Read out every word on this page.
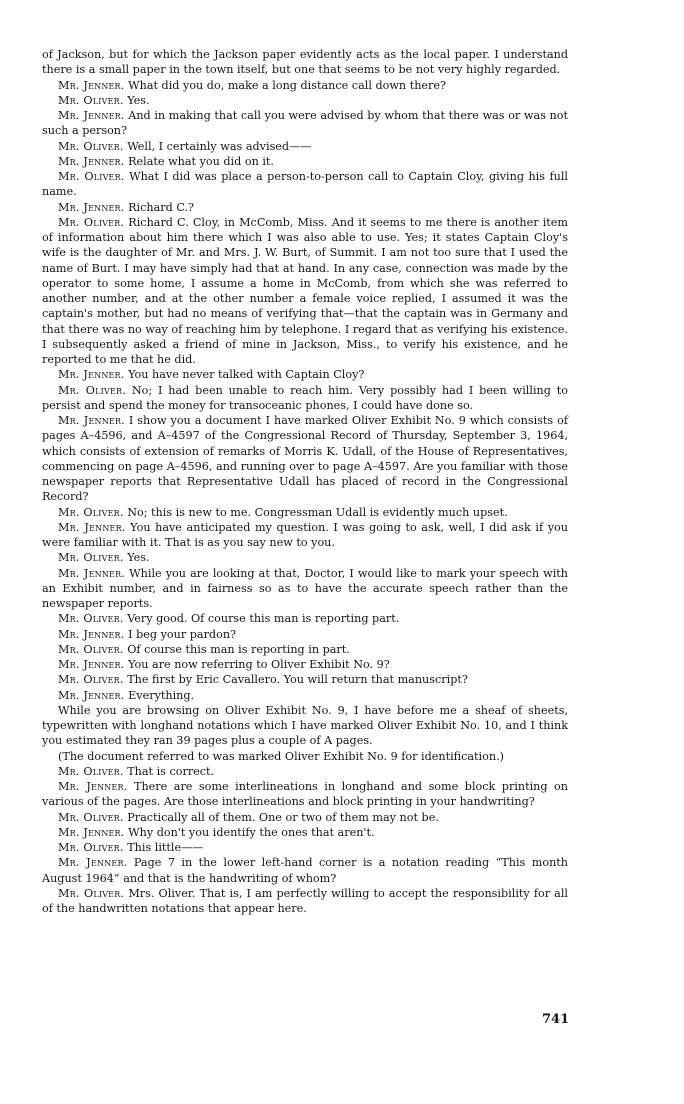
of Jackson, but for which the Jackson paper evidently acts as the local paper. I understand there is a small paper in the town itself, but one that seems to be not very highly regarded.

Mr. Jenner. What did you do, make a long distance call down there?

Mr. Oliver. Yes.

Mr. Jenner. And in making that call you were advised by whom that there was or was not such a person?

Mr. Oliver. Well, I certainly was advised——

Mr. Jenner. Relate what you did on it.

Mr. Oliver. What I did was place a person-to-person call to Captain Cloy, giving his full name.

Mr. Jenner. Richard C.?

Mr. Oliver. Richard C. Cloy, in McComb, Miss. And it seems to me there is another item of information about him there which I was also able to use. Yes; it states Captain Cloy's wife is the daughter of Mr. and Mrs. J. W. Burt, of Summit. I am not too sure that I used the name of Burt. I may have simply had that at hand. In any case, connection was made by the operator to some home, I assume a home in McComb, from which she was referred to another number, and at the other number a female voice replied, I assumed it was the captain's mother, but had no means of verifying that—that the captain was in Germany and that there was no way of reaching him by telephone. I regard that as verifying his existence. I subsequently asked a friend of mine in Jackson, Miss., to verify his existence, and he reported to me that he did.

Mr. Jenner. You have never talked with Captain Cloy?

Mr. Oliver. No; I had been unable to reach him. Very possibly had I been willing to persist and spend the money for transoceanic phones, I could have done so.

Mr. Jenner. I show you a document I have marked Oliver Exhibit No. 9 which consists of pages A–4596, and A–4597 of the Congressional Record of Thursday, September 3, 1964, which consists of extension of remarks of Morris K. Udall, of the House of Representatives, commencing on page A–4596, and running over to page A–4597. Are you familiar with those newspaper reports that Representative Udall has placed of record in the Congressional Record?

Mr. Oliver. No; this is new to me. Congressman Udall is evidently much upset.

Mr. Jenner. You have anticipated my question. I was going to ask, well, I did ask if you were familiar with it. That is as you say new to you.

Mr. Oliver. Yes.

Mr. Jenner. While you are looking at that, Doctor, I would like to mark your speech with an Exhibit number, and in fairness so as to have the accurate speech rather than the newspaper reports.

Mr. Oliver. Very good. Of course this man is reporting part.

Mr. Jenner. I beg your pardon?

Mr. Oliver. Of course this man is reporting in part.

Mr. Jenner. You are now referring to Oliver Exhibit No. 9?

Mr. Oliver. The first by Eric Cavallero. You will return that manuscript?

Mr. Jenner. Everything.

While you are browsing on Oliver Exhibit No. 9, I have before me a sheaf of sheets, typewritten with longhand notations which I have marked Oliver Exhibit No. 10, and I think you estimated they ran 39 pages plus a couple of A pages.

(The document referred to was marked Oliver Exhibit No. 9 for identification.)

Mr. Oliver. That is correct.

Mr. Jenner. There are some interlineations in longhand and some block printing on various of the pages. Are those interlineations and block printing in your handwriting?

Mr. Oliver. Practically all of them. One or two of them may not be.

Mr. Jenner. Why don't you identify the ones that aren't.

Mr. Oliver. This little——

Mr. Jenner. Page 7 in the lower left-hand corner is a notation reading “This month August 1964” and that is the handwriting of whom?

Mr. Oliver. Mrs. Oliver. That is, I am perfectly willing to accept the responsibility for all of the handwritten notations that appear here.

741
